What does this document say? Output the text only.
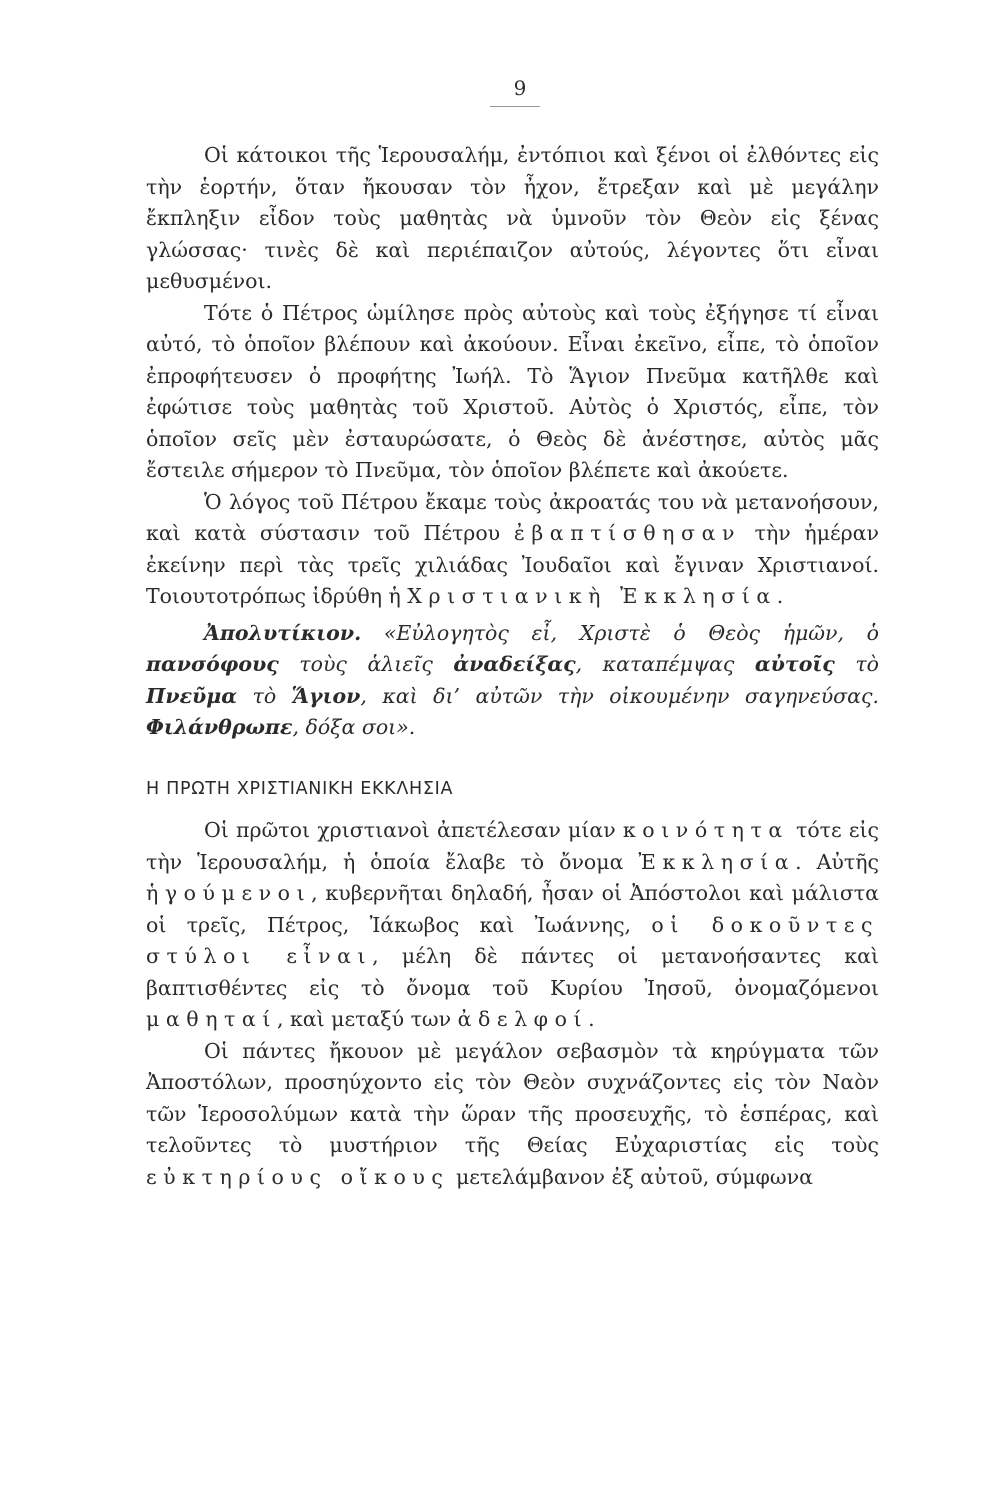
9

Οἱ κάτοικοι τῆς Ἱερουσαλήμ, ἐντόπιοι καὶ ξένοι οἱ ἐλθόντες εἰς τὴν ἑορτήν, ὅταν ἤκουσαν τὸν ἦχον, ἔτρεξαν καὶ μὲ μεγάλην ἔκπληξιν εἶδον τοὺς μαθητὰς νὰ ὑμνοῦν τὸν Θεὸν εἰς ξένας γλώσσας· τινὲς δὲ καὶ περιέπαιζον αὐτούς, λέγοντες ὅτι εἶναι μεθυσμένοι.

Τότε ὁ Πέτρος ὡμίλησε πρὸς αὐτοὺς καὶ τοὺς ἐξήγησε τί εἶναι αὐτό, τὸ ὁποῖον βλέπουν καὶ ἀκούουν. Εἶναι ἐκεῖνο, εἶπε, τὸ ὁποῖον ἐπροφήτευσεν ὁ προφήτης Ἰωήλ. Τὸ Ἅγιον Πνεῦμα κατῆλθε καὶ ἐφώτισε τοὺς μαθητὰς τοῦ Χριστοῦ. Αὐτὸς ὁ Χριστός, εἶπε, τὸν ὁποῖον σεῖς μὲν ἐσταυρώσατε, ὁ Θεὸς δὲ ἀνέστησε, αὐτὸς μᾶς ἔστειλε σήμερον τὸ Πνεῦμα, τὸν ὁποῖον βλέπετε καὶ ἀκούετε.

Ὁ λόγος τοῦ Πέτρου ἔκαμε τοὺς ἀκροατάς του νὰ μετανοήσουν, καὶ κατὰ σύστασιν τοῦ Πέτρου ἐβαπτίσθησαν τὴν ἡμέραν ἐκείνην περὶ τὰς τρεῖς χιλιάδας Ἰουδαῖοι καὶ ἔγιναν Χριστιανοί. Τοιουτοτρόπως ἱδρύθη ἡ Χριστιανικὴ Ἐκκλησία.

Ἀπολυτίκιον. «Εὐλογητὸς εἶ, Χριστὲ ὁ Θεὸς ἡμῶν, ὁ πανσόφους τοὺς ἁλιεῖς ἀναδείξας, καταπέμψας αὐτοῖς τὸ Πνεῦμα τὸ Ἅγιον, καὶ δι’ αὐτῶν τὴν οἰκουμένην σαγηνεύσας. Φιλάνθρωπε, δόξα σοι».

Η ΠΡΩΤΗ ΧΡΙΣΤΙΑΝΙΚΗ ΕΚΚΛΗΣΙΑ

Οἱ πρῶτοι χριστιανοὶ ἀπετέλεσαν μίαν κοινότητα τότε εἰς τὴν Ἱερουσαλήμ, ἡ ὁποία ἔλαβε τὸ ὄνομα Ἐκκλησία. Αὐτῆς ἡγούμενοι, κυβερνῆται δηλαδή, ἦσαν οἱ Ἀπόστολοι καὶ μάλιστα οἱ τρεῖς, Πέτρος, Ἰάκωβος καὶ Ἰωάννης, οἱ δοκοῦντες στύλοι εἶναι, μέλη δὲ πάντες οἱ μετανοήσαντες καὶ βαπτισθέντες εἰς τὸ ὄνομα τοῦ Κυρίου Ἰησοῦ, ὀνομαζόμενοι μαθηταί, καὶ μεταξύ των ἀδελφοί.

Οἱ πάντες ἤκουον μὲ μεγάλον σεβασμὸν τὰ κηρύγματα τῶν Ἀποστόλων, προσηύχοντο εἰς τὸν Θεὸν συχνάζοντες εἰς τὸν Ναὸν τῶν Ἱεροσολύμων κατὰ τὴν ὥραν τῆς προσευχῆς, τὸ ἑσπέρας, καὶ τελοῦντες τὸ μυστήριον τῆς Θείας Εὐχαριστίας εἰς τοὺς εὐκτηρίους οἴκους μετελάμβανον ἐξ αὐτοῦ, σύμφωνα
